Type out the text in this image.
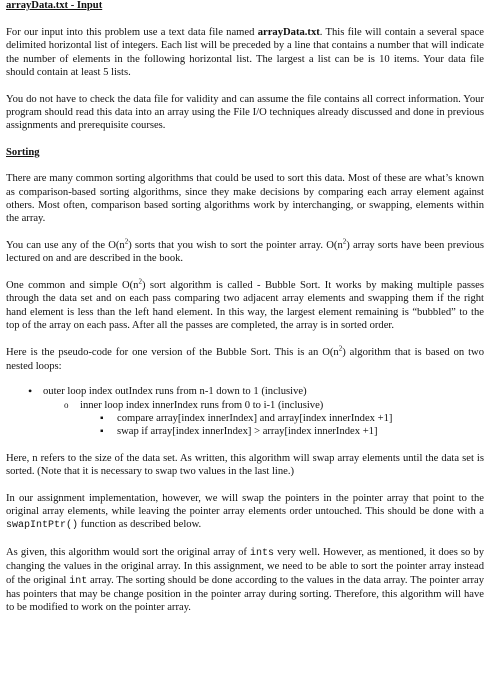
arrayData.txt - Input

For our input into this problem use a text data file named arrayData.txt. This file will contain a several space delimited horizontal list of integers. Each list will be preceded by a line that contains a number that will indicate the number of elements in the following horizontal list. The largest a list can be is 10 items. Your data file should contain at least 5 lists.

You do not have to check the data file for validity and can assume the file contains all correct information. Your program should read this data into an array using the File I/O techniques already discussed and done in previous assignments and prerequisite courses.

Sorting

There are many common sorting algorithms that could be used to sort this data. Most of these are what’s known as comparison-based sorting algorithms, since they make decisions by comparing each array element against others. Most often, comparison based sorting algorithms work by interchanging, or swapping, elements within the array.

You can use any of the $O(n^2)$ sorts that you wish to sort the pointer array. $O(n^2)$ array sorts have been previous lectured on and are described in the book.

One common and simple $O(n^2)$ sort algorithm is called - Bubble Sort. It works by making multiple passes through the data set and on each pass comparing two adjacent array elements and swapping them if the right hand element is less than the left hand element. In this way, the largest element remaining is “bubbled” to the top of the array on each pass. After all the passes are completed, the array is in sorted order.

Here is the pseudo-code for one version of the Bubble Sort. This is an $O(n^2)$ algorithm that is based on two nested loops:

• outer loop index outIndex runs from n-1 down to 1 (inclusive)
o inner loop index innerIndex runs from 0 to i-1 (inclusive)
▪ compare array[index innerIndex] and array[index innerIndex +1]
▪ swap if array[index innerIndex] > array[index innerIndex +1]

Here, n refers to the size of the data set. As written, this algorithm will swap array elements until the data set is sorted. (Note that it is necessary to swap two values in the last line.)

In our assignment implementation, however, we will swap the pointers in the pointer array that point to the original array elements, while leaving the pointer array elements order untouched. This should be done with a swapIntPtr() function as described below.

As given, this algorithm would sort the original array of ints very well. However, as mentioned, it does so by changing the values in the original array. In this assignment, we need to be able to sort the pointer array instead of the original int array. The sorting should be done according to the values in the data array. The pointer array has pointers that may be change position in the pointer array during sorting. Therefore, this algorithm will have to be modified to work on the pointer array.
